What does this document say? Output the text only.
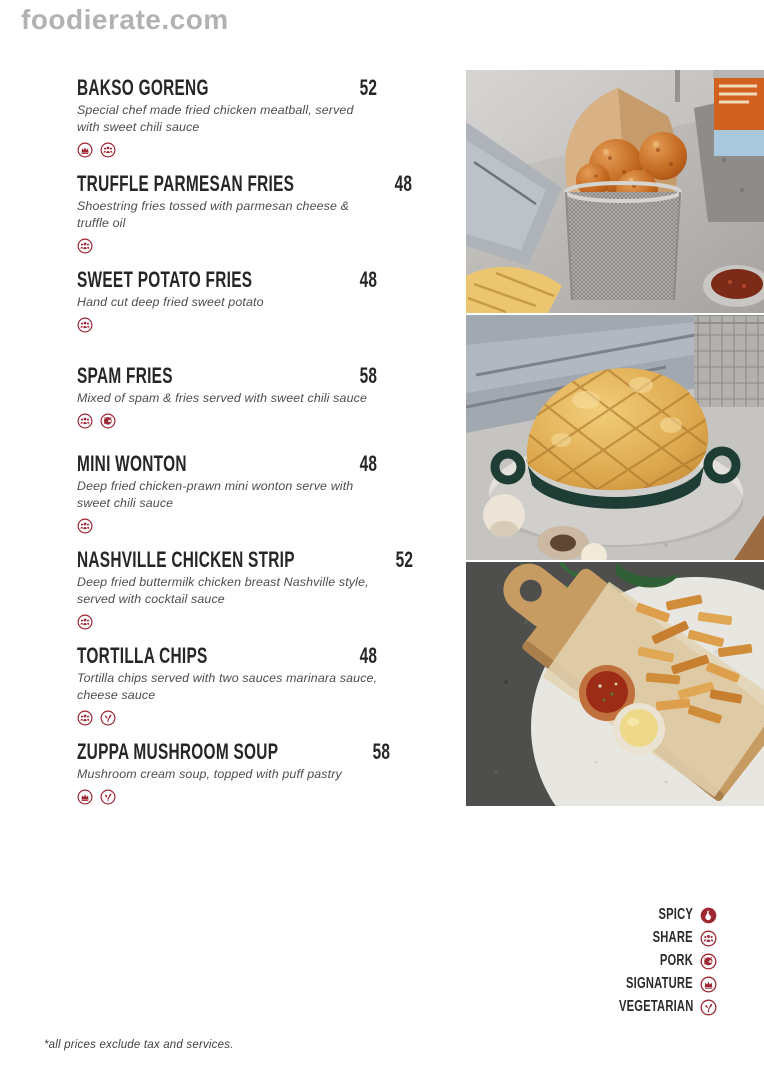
foodierate.com
BAKSO GORENG	52

Special chef made fried chicken meatball, served with sweet chili sauce

TRUFFLE PARMESAN FRIES	48

Shoestring fries tossed with parmesan cheese & truffle oil

SWEET POTATO FRIES	48

Hand cut deep fried sweet potato

SPAM FRIES	58

Mixed of spam & fries served with sweet chili sauce

MINI WONTON	48

Deep fried chicken-prawn mini wonton serve with sweet chili sauce

NASHVILLE CHICKEN STRIP	52

Deep fried buttermilk chicken breast Nashville style, served with cocktail sauce

TORTILLA CHIPS	48

Tortilla chips served with two sauces marinara sauce, cheese sauce

ZUPPA MUSHROOM SOUP	58

Mushroom cream soup, topped with puff pastry

SPICY
SHARE
PORK
SIGNATURE
VEGETARIAN
*all prices exclude tax and services.
